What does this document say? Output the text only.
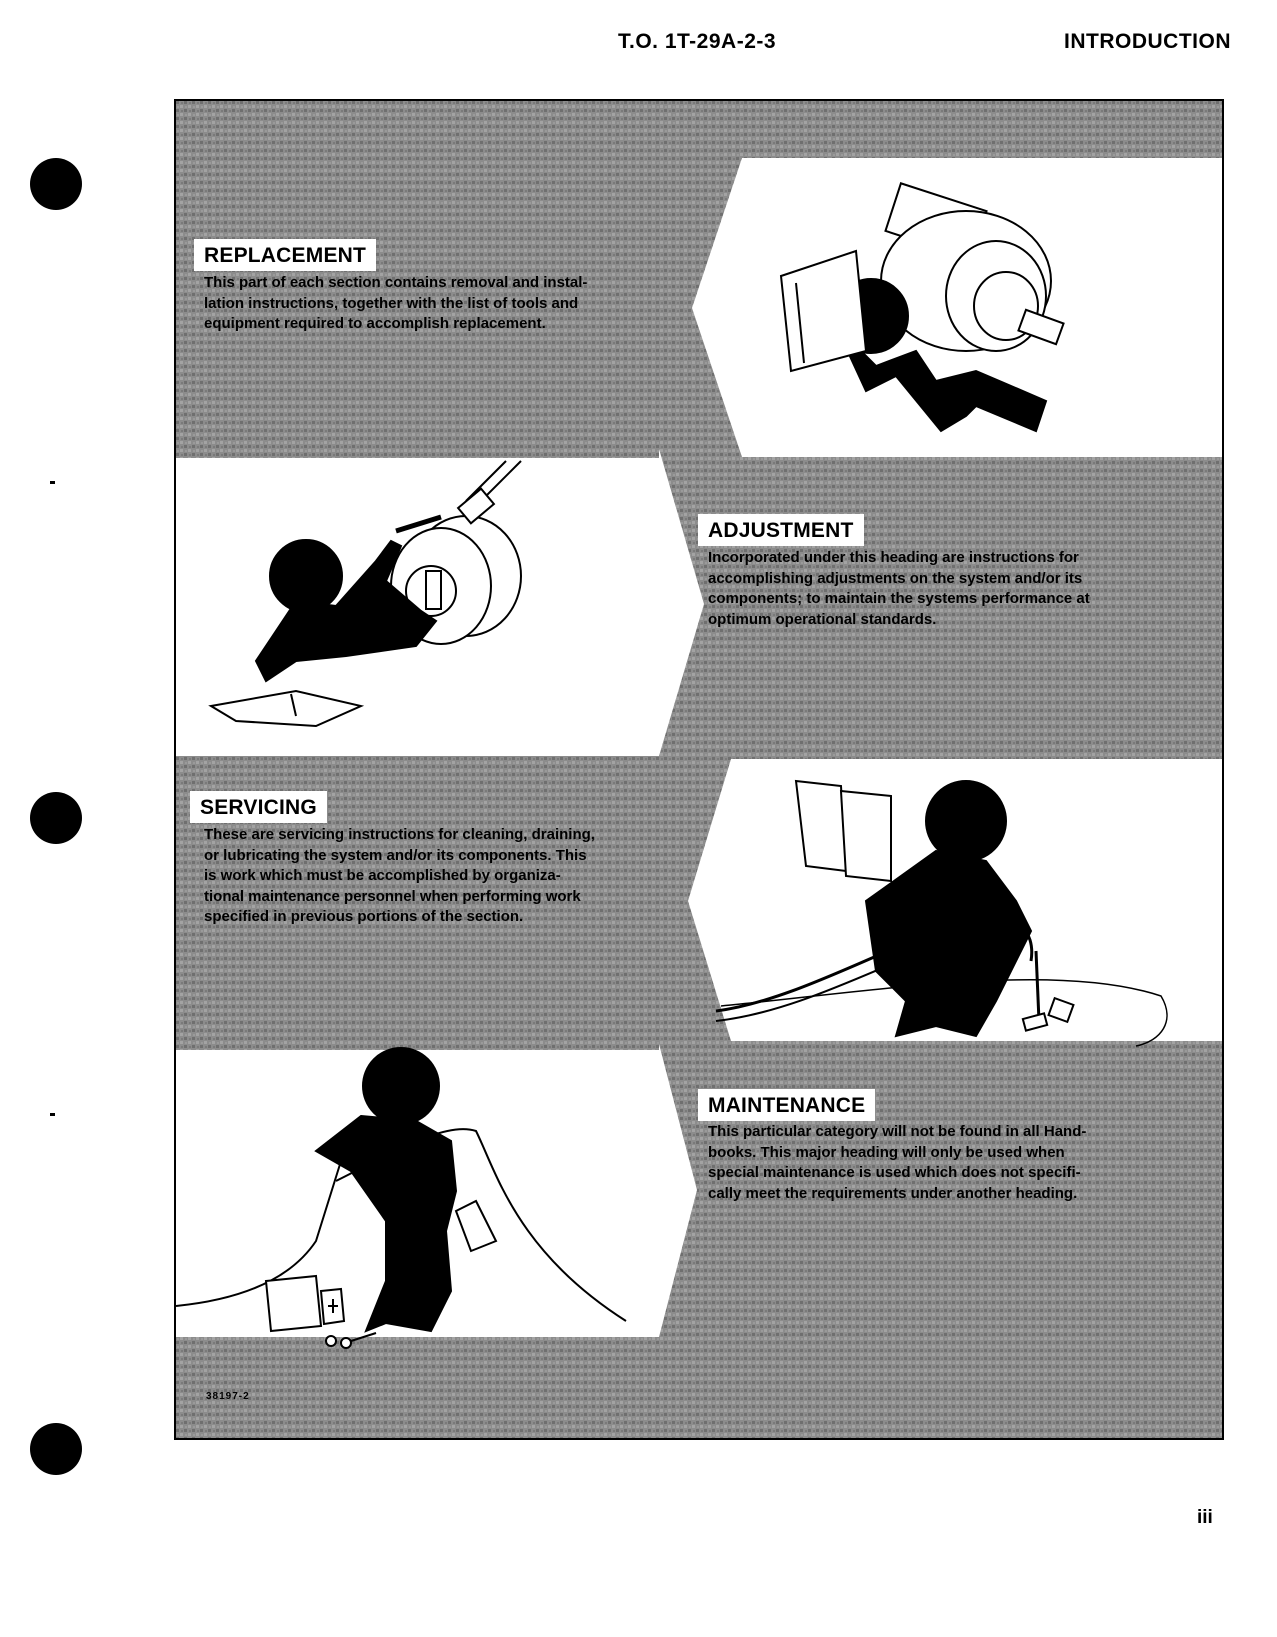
T.O. 1T-29A-2-3	INTRODUCTION
REPLACEMENT
This part of each section contains removal and instal-
lation instructions, together with the list of tools and
equipment required to accomplish replacement.
ADJUSTMENT
Incorporated under this heading are instructions for
accomplishing adjustments on the system and/or its
components; to maintain the systems performance at
optimum operational standards.
SERVICING
These are servicing instructions for cleaning, draining,
or lubricating the system and/or its components. This
is work which must be accomplished by organiza-
tional maintenance personnel when performing work
specified in previous portions of the section.
MAINTENANCE
This particular category will not be found in all Hand-
books. This major heading will only be used when
special maintenance is used which does not specifi-
cally meet the requirements under another heading.
38197-2
iii
